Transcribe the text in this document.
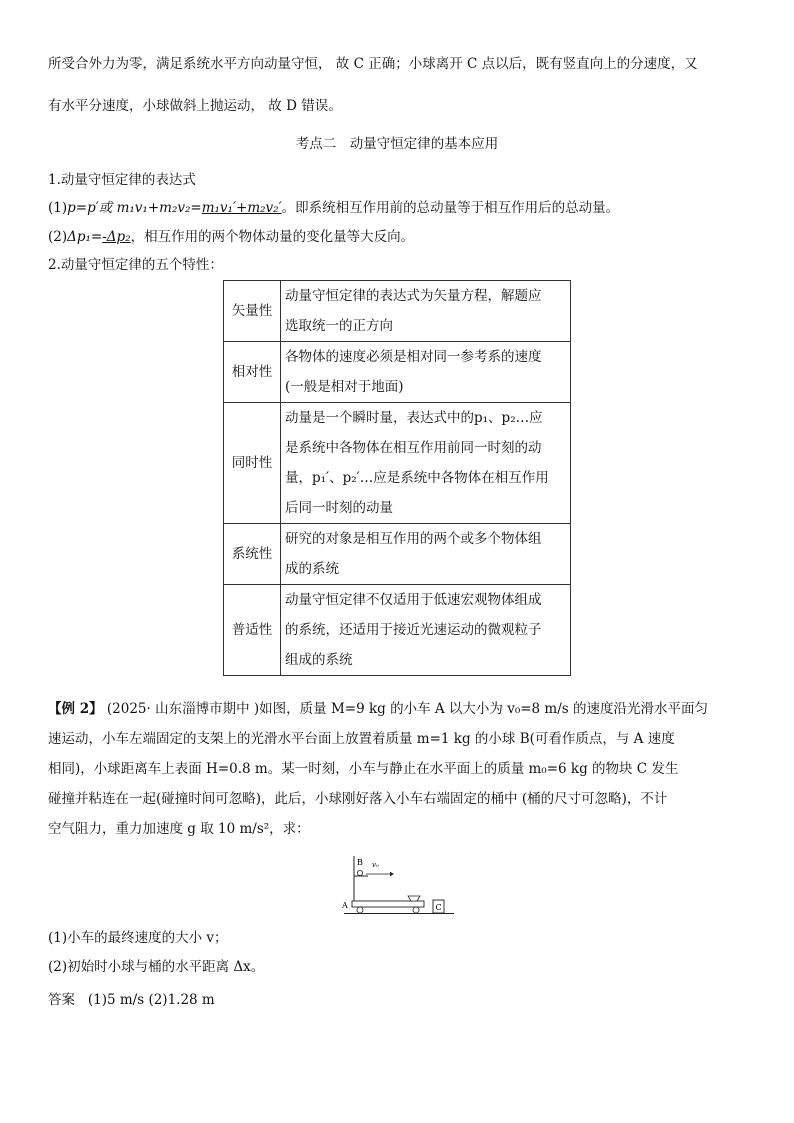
所受合外力为零，满足系统水平方向动量守恒， 故 C 正确；小球离开 C 点以后，既有竖直向上的分速度，又
有水平分速度，小球做斜上抛运动， 故 D 错误。
考点二　动量守恒定律的基本应用
1.动量守恒定律的表达式
(1)p=p′或 m₁v₁+m₂v₂=m₁v₁′+m₂v₂′。即系统相互作用前的总动量等于相互作用后的总动量。
(2)Δp₁=-Δp₂，相互作用的两个物体动量的变化量等大反向。
2.动量守恒定律的五个特性：
矢量性	动量守恒定律的表达式为矢量方程，解题应
选取统一的正方向

相对性	各物体的速度必须是相对同一参考系的速度
(一般是相对于地面)

同时性	动量是一个瞬时量，表达式中的p₁、p₂…应
是系统中各物体在相互作用前同一时刻的动
量，p₁′、p₂′…应是系统中各物体在相互作用
后同一时刻的动量

系统性	研究的对象是相互作用的两个或多个物体组
成的系统

普适性	动量守恒定律不仅适用于低速宏观物体组成
的系统，还适用于接近光速运动的微观粒子
组成的系统
【例 2】 (2025· 山东淄博市期中 )如图，质量 M=9 kg 的小车 A 以大小为 v₀=8 m/s 的速度沿光滑水平面匀
速运动，小车左端固定的支架上的光滑水平台面上放置着质量 m=1 kg 的小球 B(可看作质点，与 A 速度
相同)，小球距离车上表面 H=0.8 m。某一时刻，小车与静止在水平面上的质量 m₀=6 kg 的物块 C 发生
碰撞并粘连在一起(碰撞时间可忽略)，此后，小球刚好落入小车右端固定的桶中 (桶的尺寸可忽略)，不计
空气阻力，重力加速度 g 取 10 m/s²，求：
B v₀
A	C
(1)小车的最终速度的大小 v；
(2)初始时小球与桶的水平距离 Δx。
答案 (1)5 m/s (2)1.28 m
